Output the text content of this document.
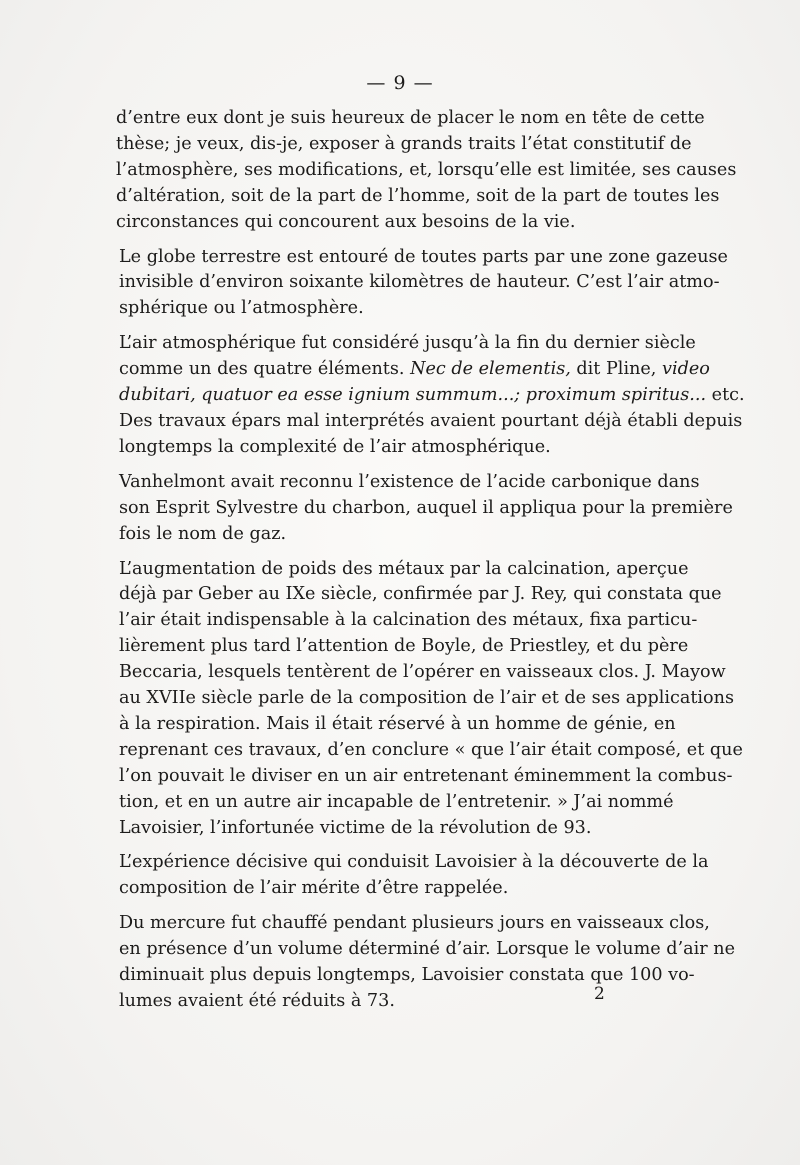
— 9 —
d’entre eux dont je suis heureux de placer le nom en tête de cette
thèse; je veux, dis-je, exposer à grands traits l’état constitutif de
l’atmosphère, ses modifications, et, lorsqu’elle est limitée, ses causes
d’altération, soit de la part de l’homme, soit de la part de toutes les
circonstances qui concourent aux besoins de la vie.
Le globe terrestre est entouré de toutes parts par une zone gazeuse
invisible d’environ soixante kilomètres de hauteur. C’est l’air atmo-
sphérique ou l’atmosphère.
L’air atmosphérique fut considéré jusqu’à la fin du dernier siècle
comme un des quatre éléments. Nec de elementis, dit Pline, video
dubitari, quatuor ea esse ignium summum...; proximum spiritus... etc.
Des travaux épars mal interprétés avaient pourtant déjà établi depuis
longtemps la complexité de l’air atmosphérique.
Vanhelmont avait reconnu l’existence de l’acide carbonique dans
son Esprit Sylvestre du charbon, auquel il appliqua pour la première
fois le nom de gaz.
L’augmentation de poids des métaux par la calcination, aperçue
déjà par Geber au IXe siècle, confirmée par J. Rey, qui constata que
l’air était indispensable à la calcination des métaux, fixa particu-
lièrement plus tard l’attention de Boyle, de Priestley, et du père
Beccaria, lesquels tentèrent de l’opérer en vaisseaux clos. J. Mayow
au XVIIe siècle parle de la composition de l’air et de ses applications
à la respiration. Mais il était réservé à un homme de génie, en
reprenant ces travaux, d’en conclure « que l’air était composé, et que
l’on pouvait le diviser en un air entretenant éminemment la combus-
tion, et en un autre air incapable de l’entretenir. » J’ai nommé
Lavoisier, l’infortunée victime de la révolution de 93.
L’expérience décisive qui conduisit Lavoisier à la découverte de la
composition de l’air mérite d’être rappelée.
Du mercure fut chauffé pendant plusieurs jours en vaisseaux clos,
en présence d’un volume déterminé d’air. Lorsque le volume d’air ne
diminuait plus depuis longtemps, Lavoisier constata que 100 vo-
lumes avaient été réduits à 73.	2
